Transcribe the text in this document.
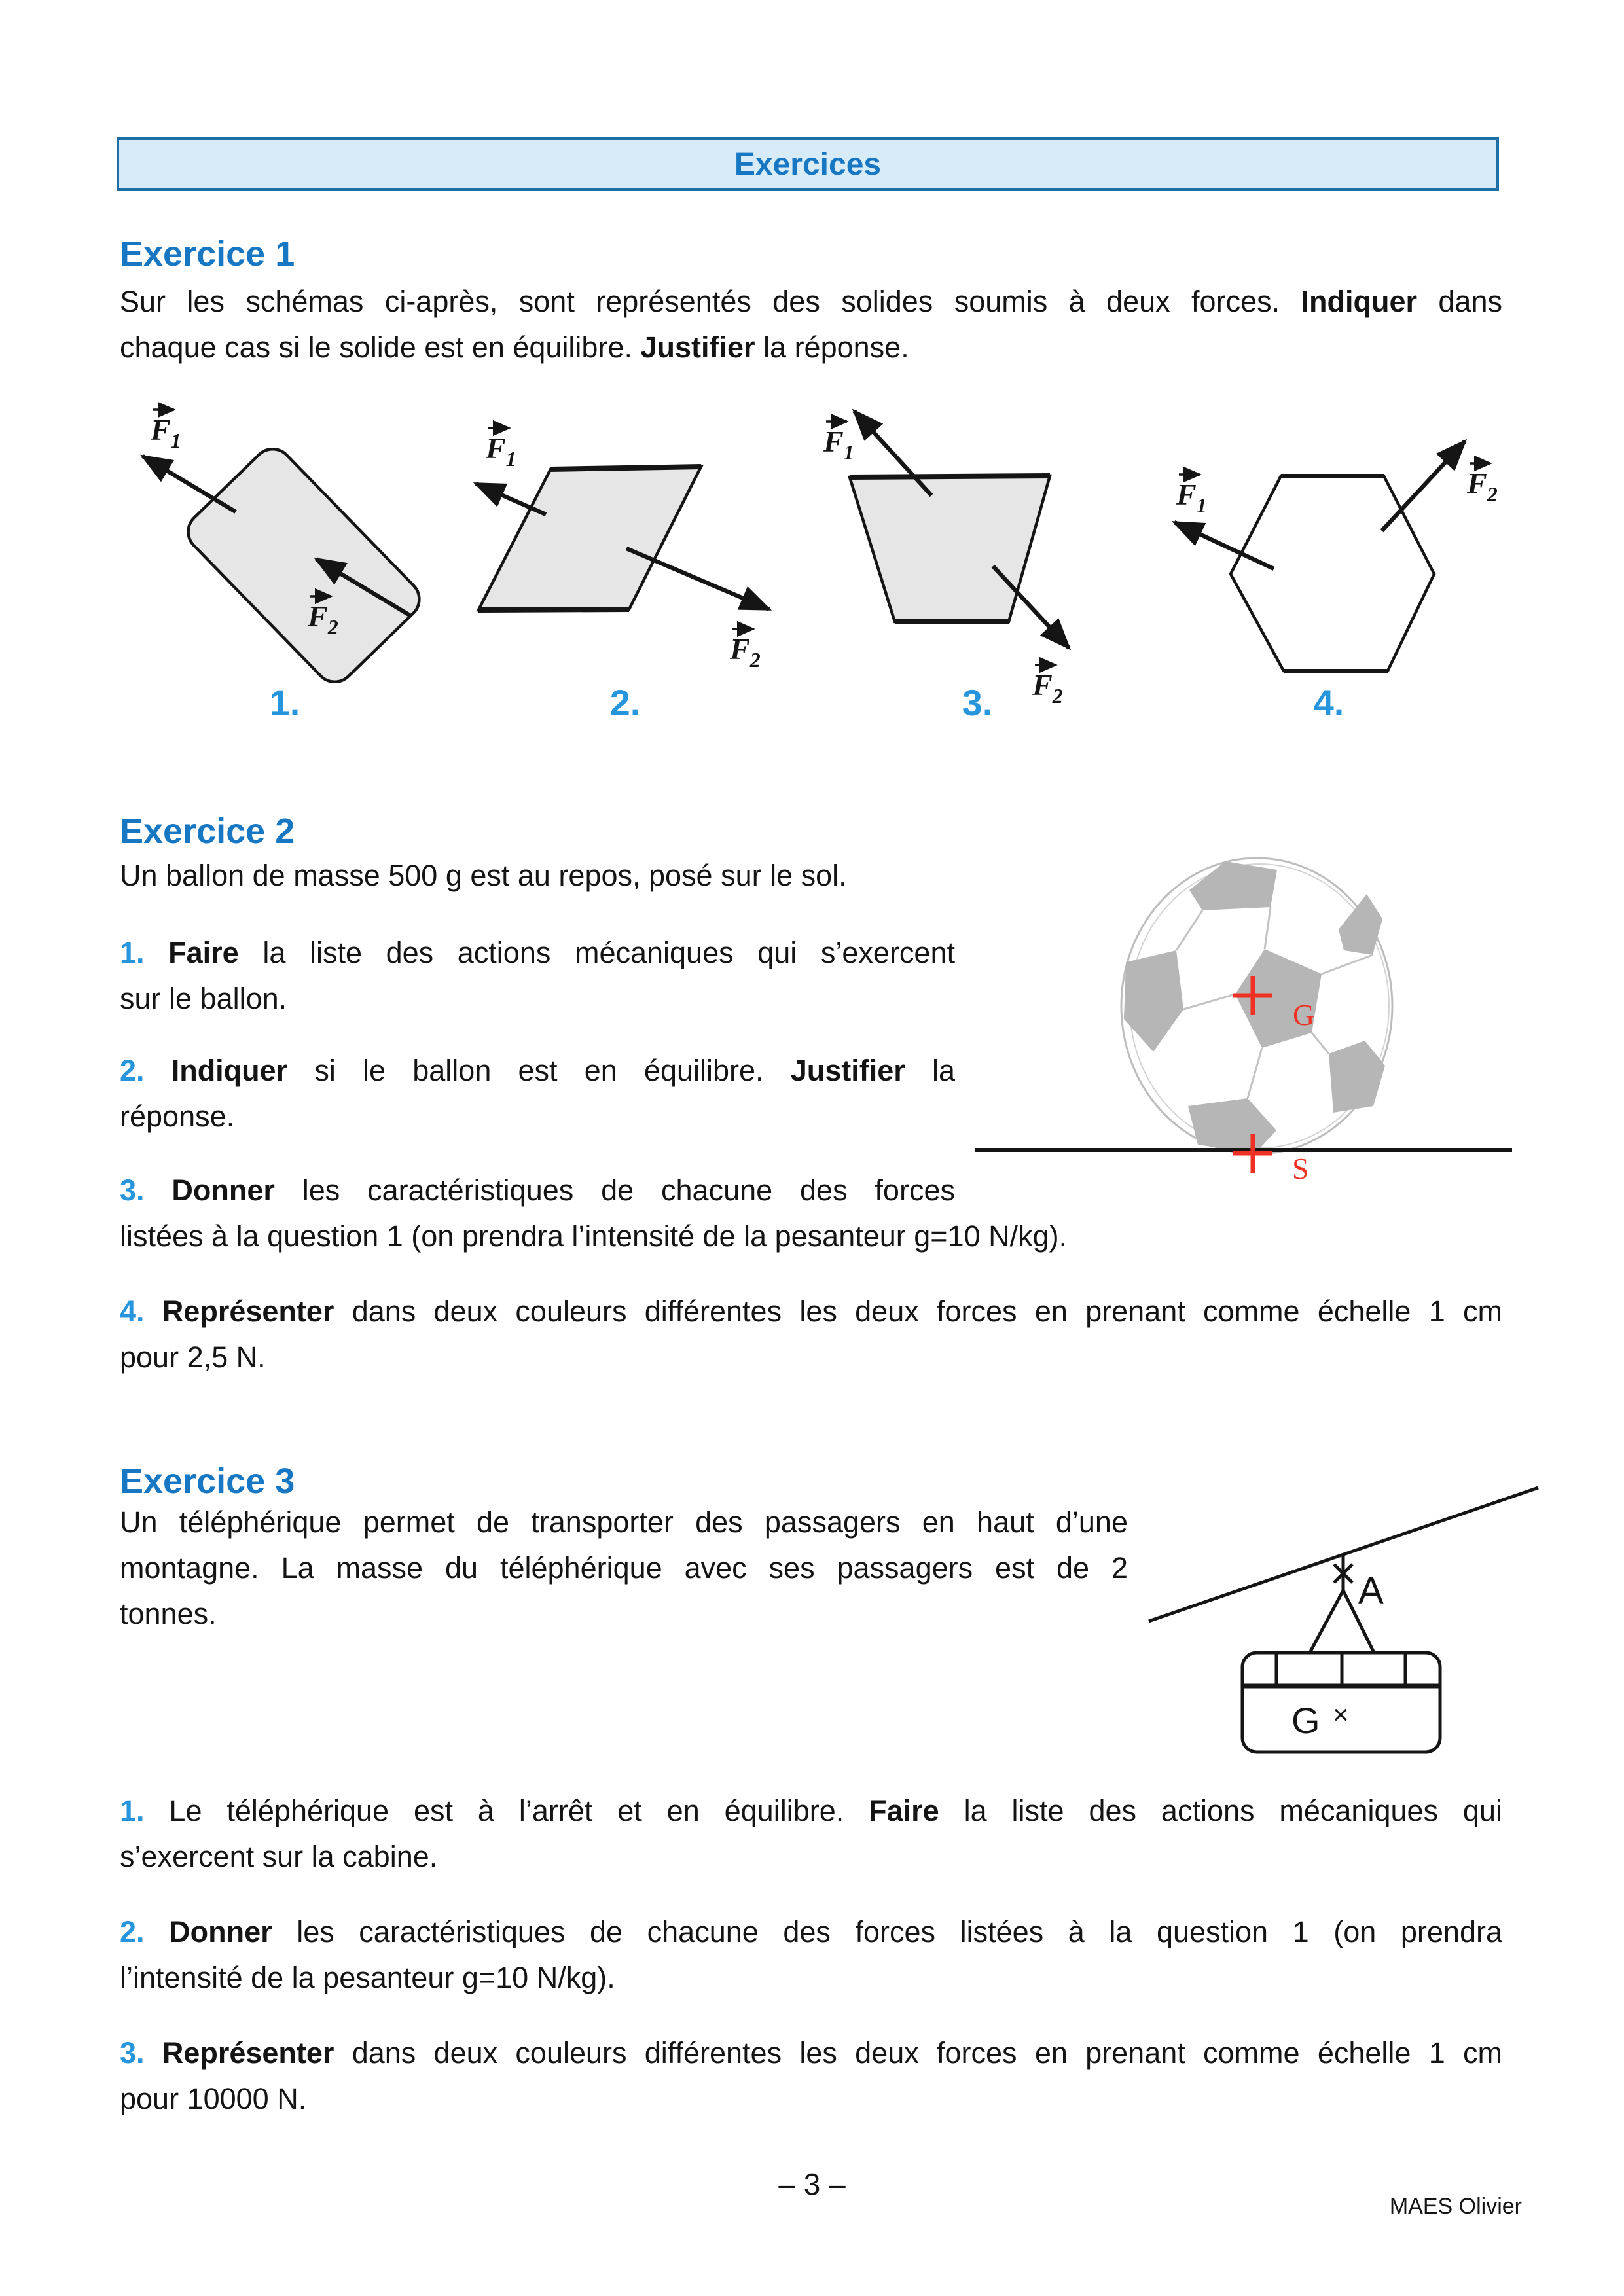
Exercices
Exercice 1
Sur les schémas ci-après, sont représentés des solides soumis à deux forces. Indiquer dans
chaque cas si le solide est en équilibre. Justifier la réponse.
$F_1$
$F_2$
$F_1$
$F_2$
$F_1$
$F_2$
$F_1$
$F_2$
1.	2.	3.	4.
Exercice 2
Un ballon de masse 500 g est au repos, posé sur le sol.
1. Faire la liste des actions mécaniques qui s’exercent
sur le ballon.
2. Indiquer si le ballon est en équilibre. Justifier la
réponse.
3. Donner les caractéristiques de chacune des forces
listées à la question 1 (on prendra l’intensité de la pesanteur g=10 N/kg).
4. Représenter dans deux couleurs différentes les deux forces en prenant comme échelle 1 cm
pour 2,5 N.
G
S
Exercice 3
Un téléphérique permet de transporter des passagers en haut d’une
montagne. La masse du téléphérique avec ses passagers est de 2
tonnes.
A
G ×
1. Le téléphérique est à l’arrêt et en équilibre. Faire la liste des actions mécaniques qui
s’exercent sur la cabine.
2. Donner les caractéristiques de chacune des forces listées à la question 1 (on prendra
l’intensité de la pesanteur g=10 N/kg).
3. Représenter dans deux couleurs différentes les deux forces en prenant comme échelle 1 cm
pour 10000 N.
– 3 –
MAES Olivier
